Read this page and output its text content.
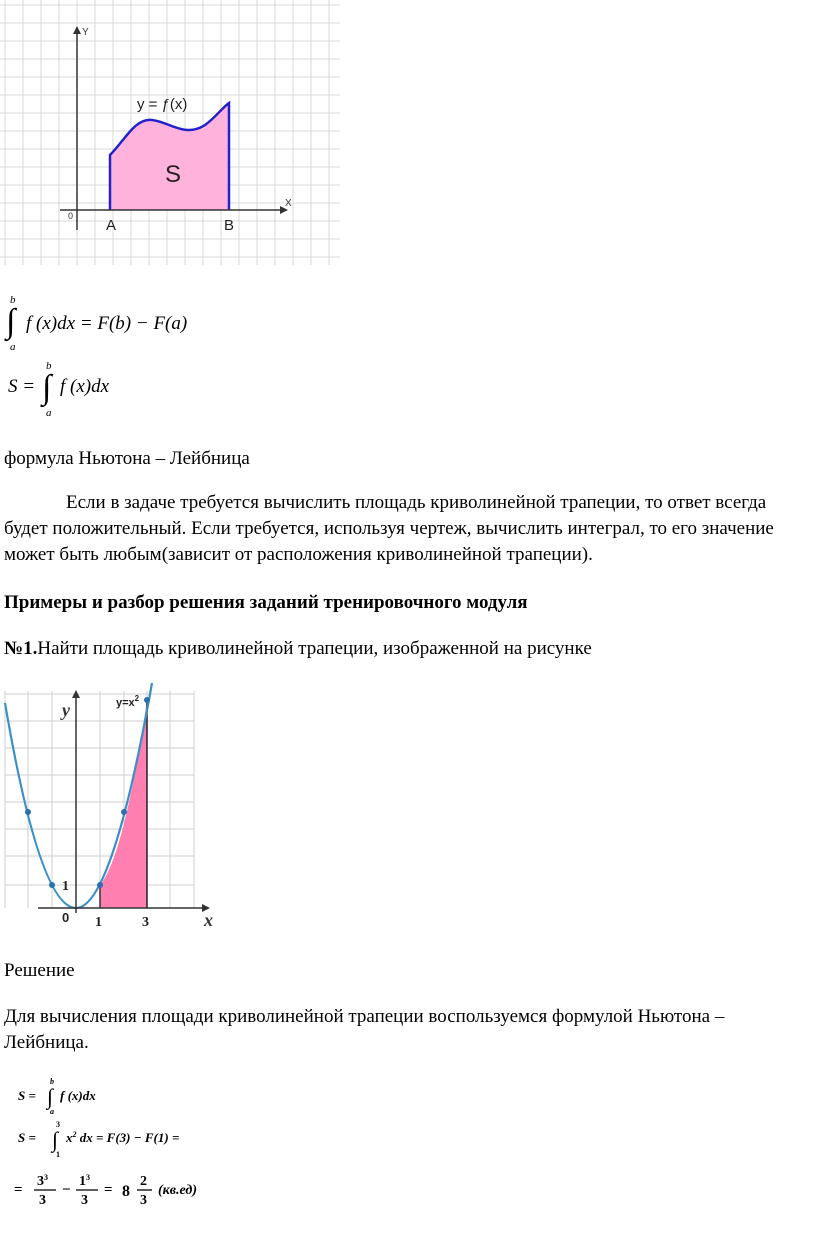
Y
X
0
y = ƒ(x)
S
A	B
b
∫
a
f (x)dx = F(b) − F(a)
S =
b
∫
a
f (x)dx
формула Ньютона – Лейбница
Если в задаче требуется вычислить площадь криволинейной трапеции, то ответ всегда будет положительный. Если требуется, используя чертеж, вычислить интеграл, то его значение может быть любым(зависит от расположения криволинейной трапеции).
Примеры и разбор решения заданий тренировочного модуля
№1.Найти площадь криволинейной трапеции, изображенной на рисунке
y
x
0
1
1	3
$y=x^2$
Решение
Для вычисления площади криволинейной трапеции воспользуемся формулой Ньютона – Лейбница.
S =
b
∫
a
f (x)dx
S =
3
∫
1
$x^2$ dx = F(3) − F(1) =
=
$3^3$
3
−
$1^3$
3
= 8
2
3
(кв.ед)
